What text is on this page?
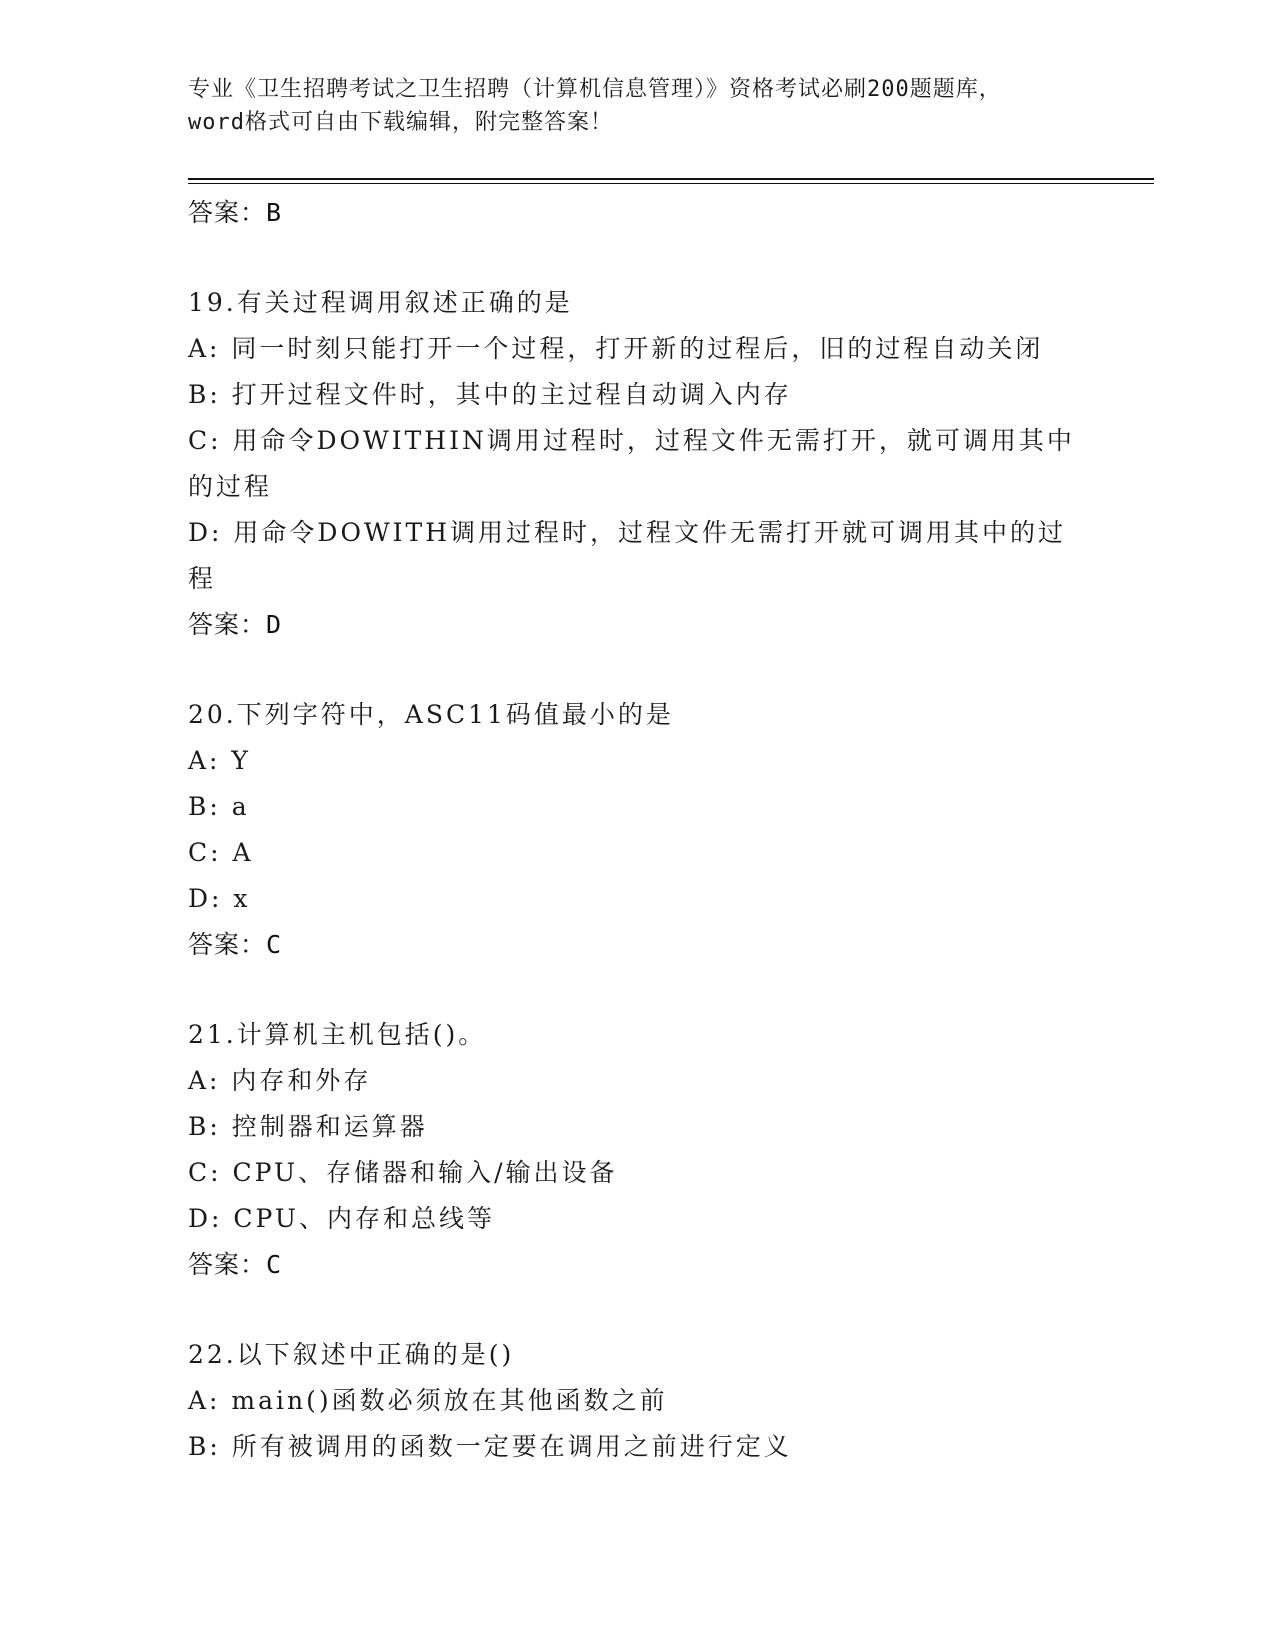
专业《卫生招聘考试之卫生招聘（计算机信息管理）》资格考试必刷200题题库，
word格式可自由下载编辑，附完整答案！

答案：B

19.有关过程调用叙述正确的是

A: 同一时刻只能打开一个过程，打开新的过程后，旧的过程自动关闭

B: 打开过程文件时，其中的主过程自动调入内存

C: 用命令DOWITHIN调用过程时，过程文件无需打开，就可调用其中

的过程

D: 用命令DOWITH调用过程时，过程文件无需打开就可调用其中的过

程

答案：D

20.下列字符中，ASC11码值最小的是

A: Y

B: a

C: A

D: x

答案：C

21.计算机主机包括()。

A: 内存和外存

B: 控制器和运算器

C: CPU、存储器和输入/输出设备

D: CPU、内存和总线等

答案：C

22.以下叙述中正确的是()

A: main()函数必须放在其他函数之前

B: 所有被调用的函数一定要在调用之前进行定义
